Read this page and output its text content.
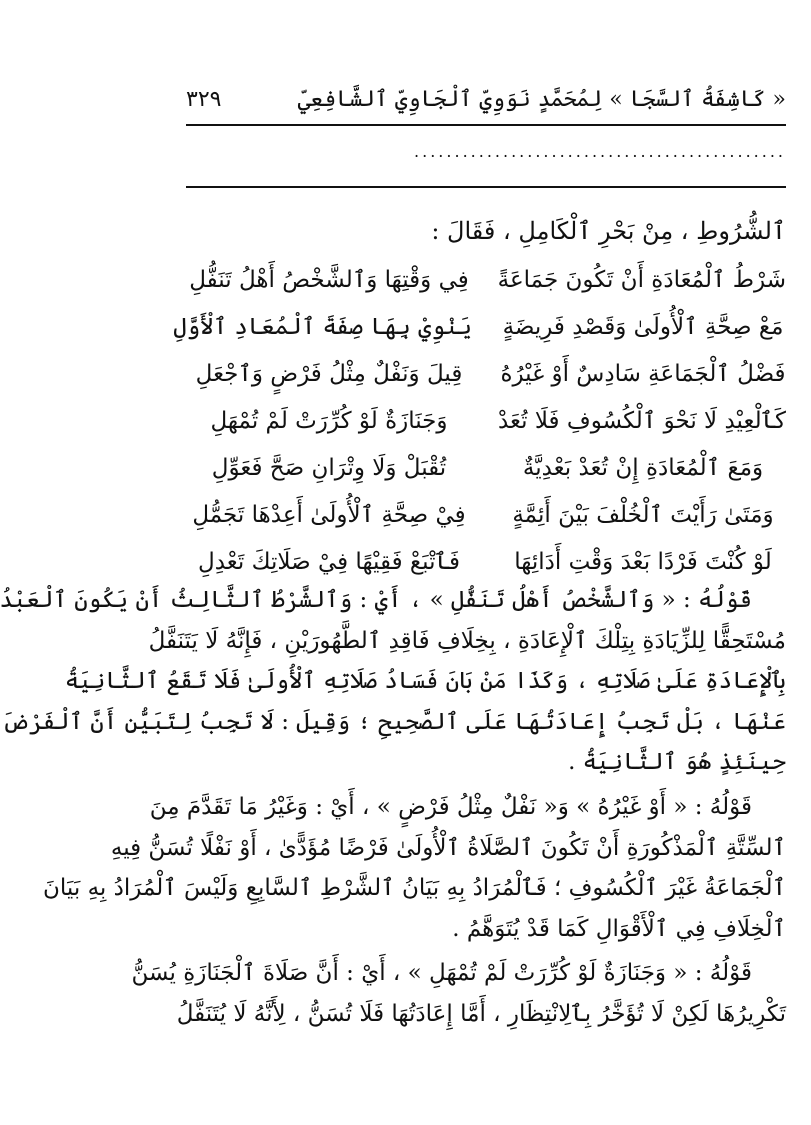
« كَاشِفَةُ ٱلسَّجَا » لِمُحَمَّدٍ نَوَوِيّ ٱلْجَاوِيّ ٱلشَّافِعِيّ
٣٢٩
..............................................
ٱلشُّرُوطِ ، مِنْ بَحْرِ ٱلْكَامِلِ ، فَقَالَ :
شَرْطُ ٱلْمُعَادَةِ أَنْ تَكُونَ جَمَاعَةً
فِي وَقْتِهَا وَٱلشَّخْصُ أَهْلُ تَنَفُّلِ
مَعْ صِحَّةِ ٱلْأُولَىٰ وَقَصْدِ فَرِيضَةٍ
يَنْوِيْ بِهَا صِفَةَ ٱلْمُعَادِ ٱلْأَوَّلِ
فَضْلُ ٱلْجَمَاعَةِ سَادِسٌ أَوْ غَيْرُهُ
قِيلَ وَنَفْلٌ مِثْلُ فَرْضٍ وَٱجْعَلِ
كَٱلْعِيْدِ لَا نَحْوَ ٱلْكُسُوفِ فَلَا تُعَدْ
وَجَنَازَةٌ لَوْ كُرِّرَتْ لَمْ تُمْهَلِ
وَمَعَ ٱلْمُعَادَةِ إِنْ تُعَدْ بَعْدِيَّةٌ
تُقْبَلْ وَلَا وِتْرَانِ صَحَّ فَعَوِّلِ
وَمَتَىٰ رَأَيْتَ ٱلْخُلْفَ بَيْنَ أَئِمَّةٍ
فِيْ صِحَّةِ ٱلْأُولَىٰ أَعِدْهَا تَجَمُّلِ
لَوْ كُنْتَ فَرْدًا بَعْدَ وَقْتِ أَدَائِهَا
فَٱتْبَعْ فَقِيْهًا فِيْ صَلَاتِكَ تَعْدِلِ

قَوْلُهُ : « وَٱلشَّخْصُ أَهْلُ تَنَفُّلِ » ، أَيْ : وَٱلشَّرْطُ ٱلثَّالِثُ أَنْ يَكُونَ ٱلْعَبْدُ
مُسْتَحِقًّا لِلزِّيَادَةِ بِتِلْكَ ٱلْإِعَادَةِ ، بِخِلَافِ فَاقِدِ ٱلطَّهُورَيْنِ ، فَإِنَّهُ لَا يَتَنَفَّلُ
بِٱلْإِعَادَةِ عَلَىٰ صَلَاتِهِ ، وَكَذَا مَنْ بَانَ فَسَادُ صَلَاتِهِ ٱلْأُولَىٰ فَلَا تَقَعُ ٱلثَّانِيَةُ
عَنْهَا ، بَلْ تَجِبُ إِعَادَتُهَا عَلَى ٱلصَّحِيحِ ؛ وَقِيلَ : لَا تَجِبُ لِتَبَيُّنِ أَنَّ ٱلْفَرْضَ
حِينَئِذٍ هُوَ ٱلثَّانِيَةُ .

قَوْلُهُ : « أَوْ غَيْرُهُ » وَ« نَفْلٌ مِثْلُ فَرْضٍ » ، أَيْ : وَغَيْرُ مَا تَقَدَّمَ مِنَ
ٱلسِّتَّةِ ٱلْمَذْكُورَةِ أَنْ تَكُونَ ٱلصَّلَاةُ ٱلْأُولَىٰ فَرْضًا مُؤَدًّىٰ ، أَوْ نَفْلًا تُسَنُّ فِيهِ
ٱلْجَمَاعَةُ غَيْرَ ٱلْكُسُوفِ ؛ فَٱلْمُرَادُ بِهِ بَيَانُ ٱلشَّرْطِ ٱلسَّابِعِ وَلَيْسَ ٱلْمُرَادُ بِهِ بَيَانَ
ٱلْخِلَافِ فِي ٱلْأَقْوَالِ كَمَا قَدْ يُتَوَهَّمُ .

قَوْلُهُ : « وَجَنَازَةٌ لَوْ كُرِّرَتْ لَمْ تُمْهَلِ » ، أَيْ : أَنَّ صَلَاةَ ٱلْجَنَازَةِ يُسَنُّ
تَكْرِيرُهَا لَكِنْ لَا تُؤَخَّرُ بِٱلِانْتِظَارِ ، أَمَّا إِعَادَتُهَا فَلَا تُسَنُّ ، لِأَنَّهُ لَا يُتَنَفَّلُ
